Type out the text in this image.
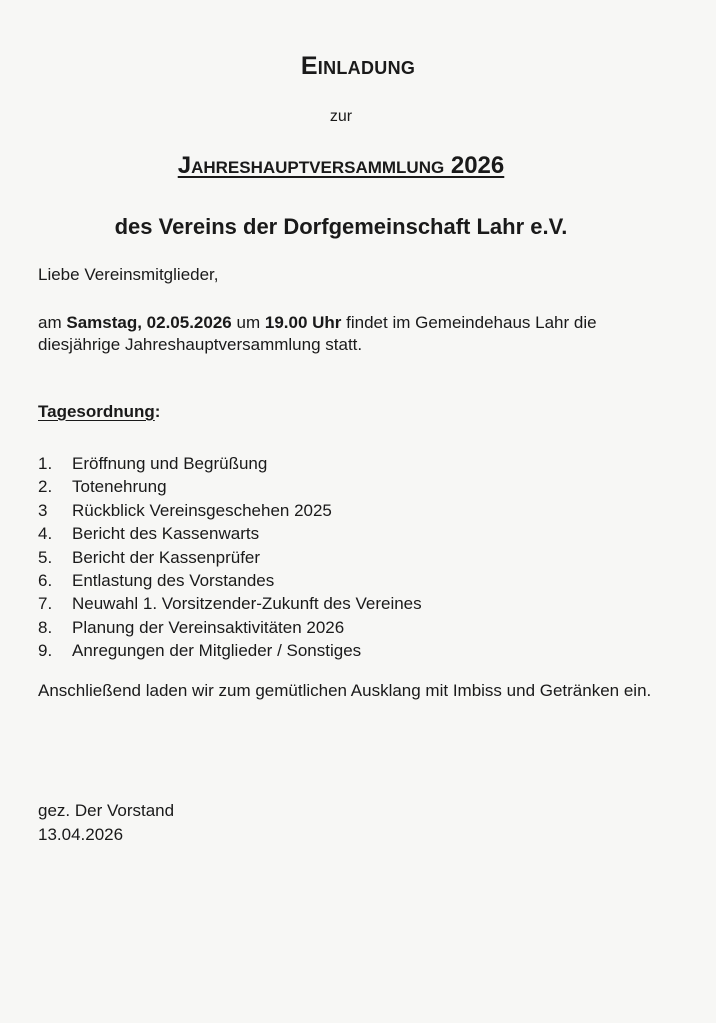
Einladung
zur
Jahreshauptversammlung 2026
des Vereins der Dorfgemeinschaft Lahr e.V.
Liebe Vereinsmitglieder,
am Samstag, 02.05.2026 um 19.00 Uhr findet im Gemeindehaus Lahr die diesjährige Jahreshauptversammlung statt.
Tagesordnung:
1. Eröffnung und Begrüßung
2. Totenehrung
3 Rückblick Vereinsgeschehen 2025
4. Bericht des Kassenwarts
5. Bericht der Kassenprüfer
6. Entlastung des Vorstandes
7. Neuwahl 1. Vorsitzender-Zukunft des Vereines
8. Planung der Vereinsaktivitäten 2026
9. Anregungen der Mitglieder / Sonstiges
Anschließend laden wir zum gemütlichen Ausklang mit Imbiss und Getränken ein.
gez. Der Vorstand
13.04.2026
